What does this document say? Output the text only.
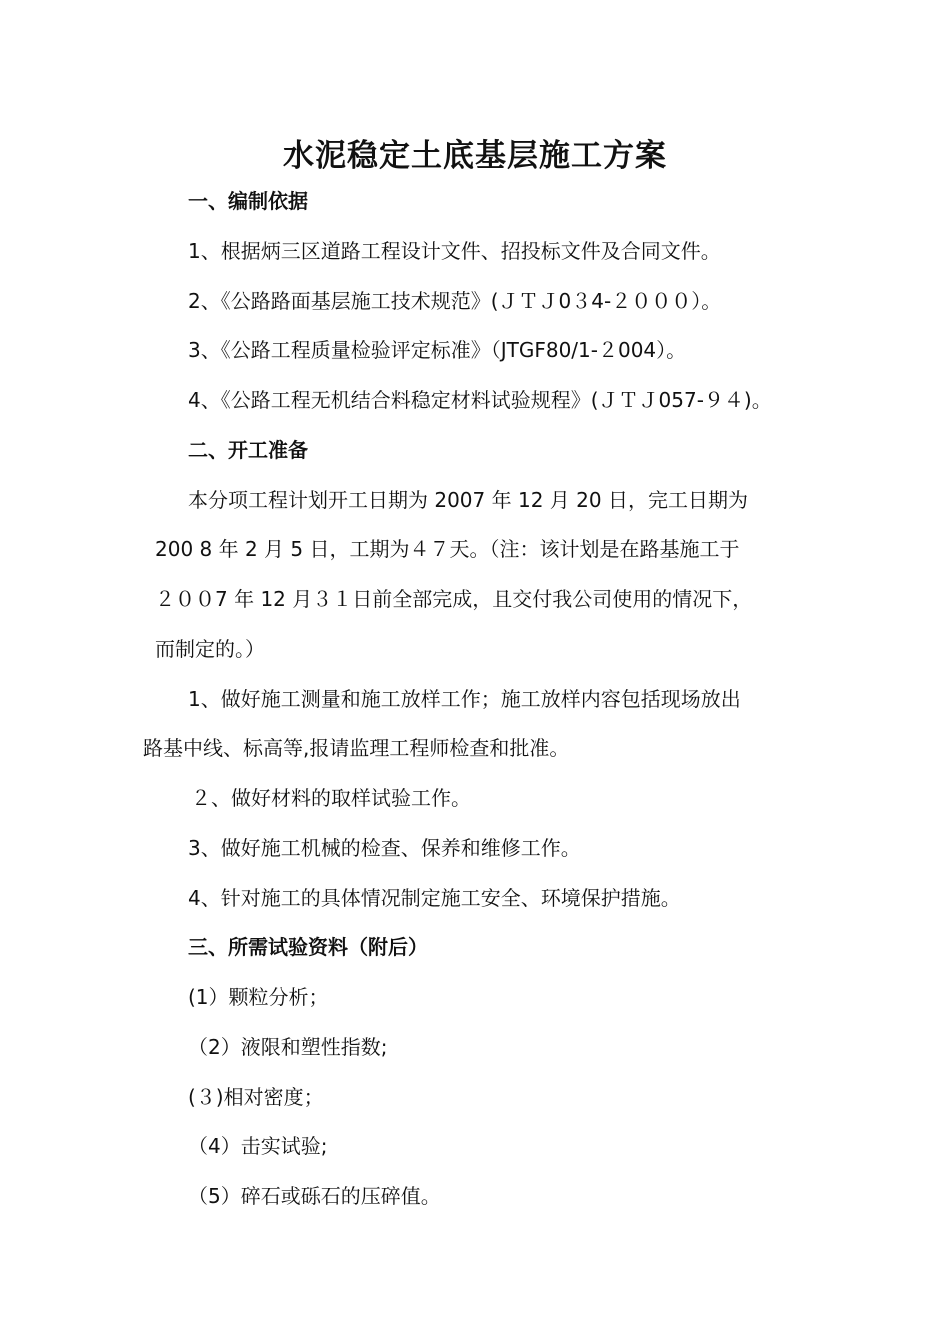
水泥稳定土底基层施工方案
一、编制依据
1、根据炳三区道路工程设计文件、招投标文件及合同文件。
2、《公路路面基层施工技术规范》(ＪＴＪ0３4-２０００）。
3、《公路工程质量检验评定标准》（JTGF80/1-２004）。
4、《公路工程无机结合料稳定材料试验规程》(ＪＴＪ057-９４)。
二、开工准备
本分项工程计划开工日期为 2007 年 12 月 20 日，完工日期为
200 8 年 2 月 5 日，工期为４７天。（注：该计划是在路基施工于
２００7 年 12 月３１日前全部完成，且交付我公司使用的情况下，
而制定的。）
1、做好施工测量和施工放样工作；施工放样内容包括现场放出
路基中线、标高等,报请监理工程师检查和批准。
２、做好材料的取样试验工作。
3、做好施工机械的检查、保养和维修工作。
4、针对施工的具体情况制定施工安全、环境保护措施。
三、所需试验资料（附后）
(1）颗粒分析；
（2）液限和塑性指数;
(３)相对密度；
（4）击实试验;
（5）碎石或砾石的压碎值。
